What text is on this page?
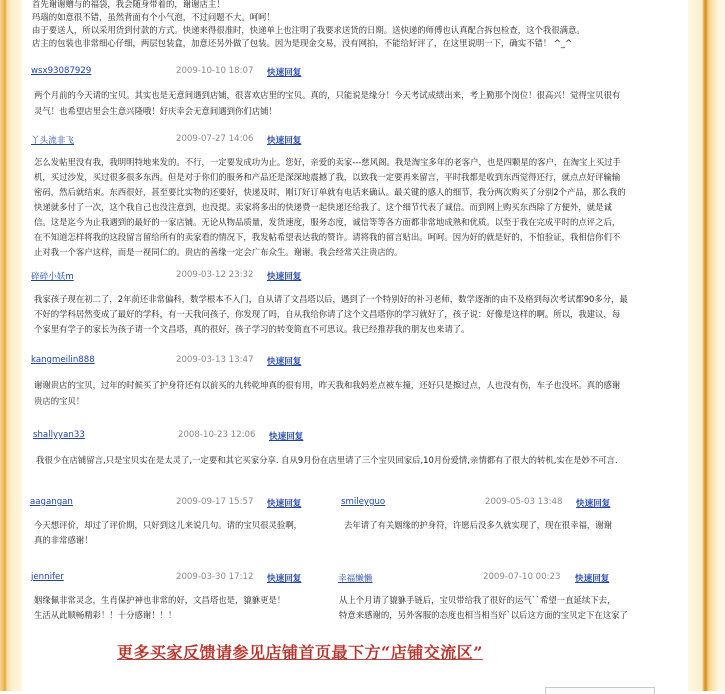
首先谢谢赠与的福袋，我会随身带着的，谢谢店主！
玛瑙的如意很不错，虽然背面有个小气泡，不过问题不大。呵呵！
由于要送人，所以采用货到付款的方式。快递来得很准时，快递单上也注明了我要求送货的日期。送快递的师傅也认真配合拆包检查，这个我很满意。
店主的包装也非常细心仔细，两层包装盒，加意还另外做了包装。因为是现金交易，没有网拍，不能给好评了，在这里说明一下，确实不错！ ^_^
wsx93087929	2009-10-10 18:07 快速回复
两个月前的今天请的宝贝。其实也是无意间遇到店铺，很喜欢店里的宝贝。真的，只能说是缘分！今天考试成绩出来，考上勤那个岗位！很高兴！觉得宝贝很有
灵气！也希望店里会生意兴隆哦！好庆幸会无意间遇到你们店铺！
丫头流非飞	2009-07-27 14:06 快速回复
怎么发帖里没有我，我明明特地来发的。不行，一定要发成功为止。您好，亲爱的卖家---慈风阁。我是淘宝多年的老客户，也是四颗星的客户，在淘宝上买过手
机，买过沙发，买过很多很多东西。但是对于你们的服务和产品还是深深地震撼了我，以致我一定要再来留言，平时我都是收到东西觉得还行，就点点好评输输
密码，然后就结束。东西很好，甚至要比实物的还要好，快递及时，刚订好订单就有电话来确认。最关键的感人的细节，我分两次购买了分别2个产品，那么我的
快递就多付了一次，这个我自己也没注意到，也没提。卖家将多出的快递费一起快递还给我了。这个细节代表了诚信。而到网上购买东西除了方便外，就是诚
信。这是迄今为止我遇到的最好的一家店铺。无论从物品质量，发货速度，服务态度，诚信等等各方面都非常地成熟和优质。以至于我在完成平时的点评之后，
在不知道怎样将我的这段留言留给所有的卖家看的情况下，我发帖希望表达我的赞许。请将我的留言贴出。呵呵。因为好的就是好的，不怕验证，我相信你们不
止对我一个客户这样，而是一视同仁的。贵店的善缘一定会广布众生。谢谢。我会经常关注贵店的。
碎碎小妖m	2009-03-12 23:32 快速回复
我家孩子现在初二了，2年前还非常偏科，数学根本不入门，自从请了文昌塔以后，遇到了一个特别好的补习老师，数学逐渐的由不及格到每次考试都90多分，最
不好的学科居然变成了最好的学科，有一天我问孩子，你发现了吗，自从我给你请了这个文昌塔你的学习就好了，孩子说：好像是这样的啊。所以，我建议，每
个家里有学子的家长为孩子请一个文昌塔，真的很好，孩子学习的转变简直不可思议。我已经推荐我的朋友也来请了。
kangmeilin888	2009-03-13 13:47 快速回复
谢谢贵店的宝贝，过年的时候买了护身符还有以前买的九转乾坤真的很有用，昨天我和我妈差点被车撞，还好只是擦过点，人也没有伤，车子也没坏。真的感谢
贵店的宝贝！
shallyyan33	2008-10-23 12:06 快速回复
我很少在店铺留言,只是宝贝实在是太灵了,一定要和其它买家分享. 自从9月份在店里请了三个宝贝回家后,10月份爱情,亲情都有了很大的转机,实在是妙不可言.
aagangan	2009-09-17 15:57 快速回复
今天想评价，却过了评价期，只好到这儿来说几句。请的宝贝很灵验啊，
真的非常感谢！
smileyguo	2009-05-03 13:48 快速回复
去年请了有关姻缘的护身符，许愿后没多久就实现了，现在很幸福，谢谢
jennifer	2009-03-30 17:12 快速回复
姻缘佩非常灵念，生肖保护神也非常的好，文昌塔也是，貔貅更是！
生活从此顺畅精彩！！十分感谢！！！
幸福懒懒	2009-07-10 00:23 快速回复
从上个月请了貔貅手链后，宝贝带给我了很好的运气``希望一直延续下去，
特意来感谢的，另外客服的态度也相当相当好`以后这方面的宝贝定下在这家了
更多买家反馈请参见店铺首页最下方“店铺交流区”
